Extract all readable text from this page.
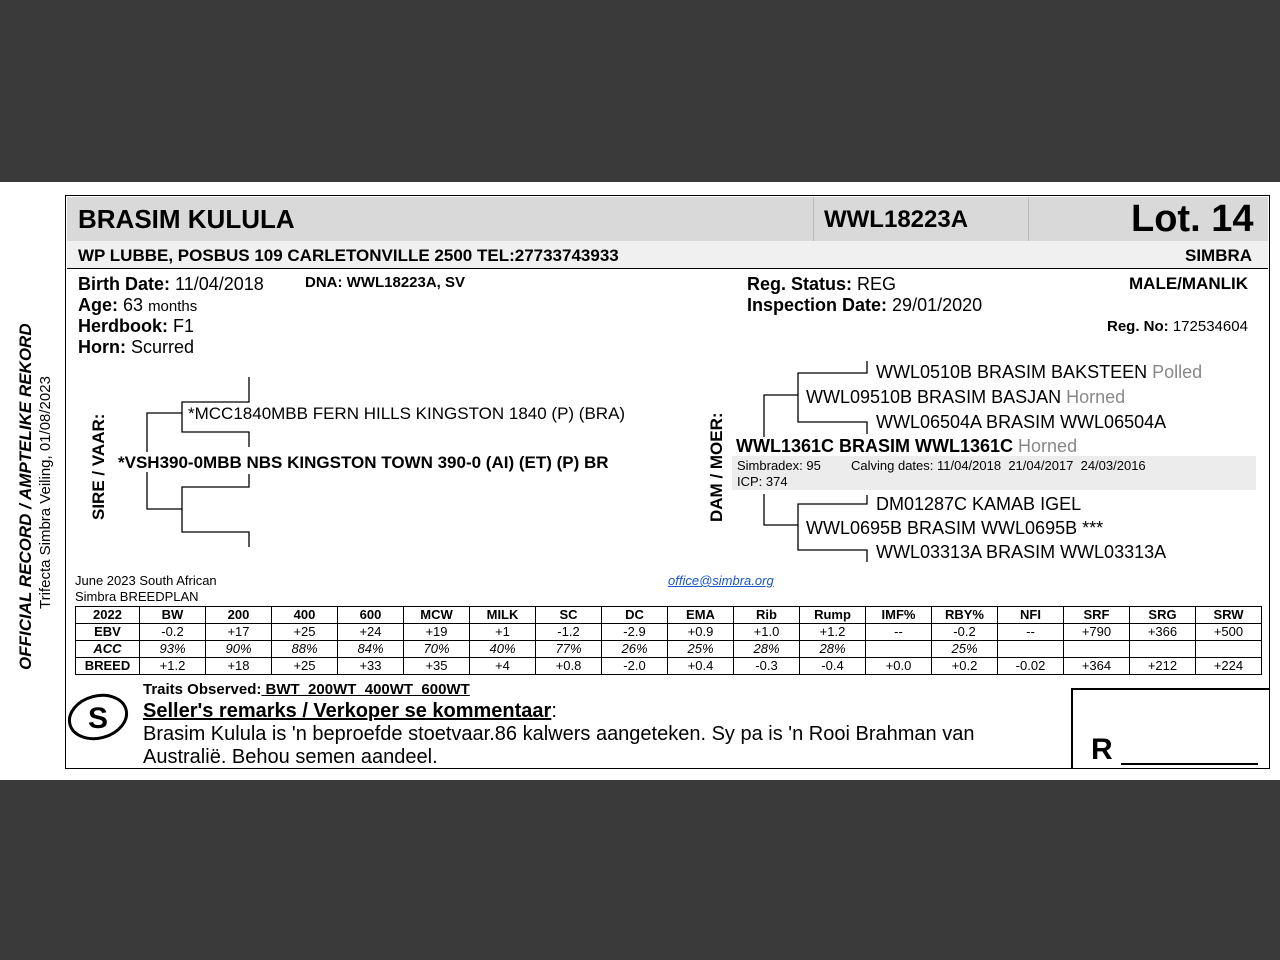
OFFICIAL RECORD / AMPTELIKE REKORD Trifecta Simbra Veiling, 01/08/2023
BRASIM KULULA	WWL18223A	Lot. 14
WP LUBBE, POSBUS 109 CARLETONVILLE 2500 TEL:27733743933	SIMBRA
Birth Date: 11/04/2018	DNA: WWL18223A, SV
Age: 63 months
Herdbook: F1
Horn: Scurred
Reg. Status: REG
Inspection Date: 29/01/2020
MALE/MANLIK
Reg. No: 172534604
SIRE / VAAR:
*MCC1840MBB FERN HILLS KINGSTON 1840 (P) (BRA)
*VSH390-0MBB NBS KINGSTON TOWN 390-0 (AI) (ET) (P) BR	DAM / MOER:
WWL0510B BRASIM BAKSTEEN Polled
WWL09510B BRASIM BASJAN Horned
WWL06504A BRASIM WWL06504A
WWL1361C BRASIM WWL1361C Horned
Simbradex: 95 Calving dates: 11/04/2018  21/04/2017  24/03/2016
ICP: 374
DM01287C KAMAB IGEL
WWL0695B BRASIM WWL0695B ***
WWL03313A BRASIM WWL03313A
June 2023 South African
Simbra BREEDPLAN
office@simbra.org
2022	BW	200	400	600	MCW	MILK	SC	DC	EMA	Rib	Rump	IMF%	RBY%	NFI	SRF	SRG	SRW
EBV	-0.2	+17	+25	+24	+19	+1	-1.2	-2.9	+0.9	+1.0	+1.2	--	-0.2	--	+790	+366	+500
ACC	93%	90%	88%	84%	70%	40%	77%	26%	25%	28%	28%		25%				
BREED	+1.2	+18	+25	+33	+35	+4	+0.8	-2.0	+0.4	-0.3	-0.4	+0.0	+0.2	-0.02	+364	+212	+224
S
Traits Observed: BWT  200WT  400WT  600WT
Seller's remarks / Verkoper se kommentaar:
Brasim Kulula is 'n beproefde stoetvaar.86 kalwers aangeteken. Sy pa is 'n Rooi Brahman van
Australië. Behou semen aandeel.	R
